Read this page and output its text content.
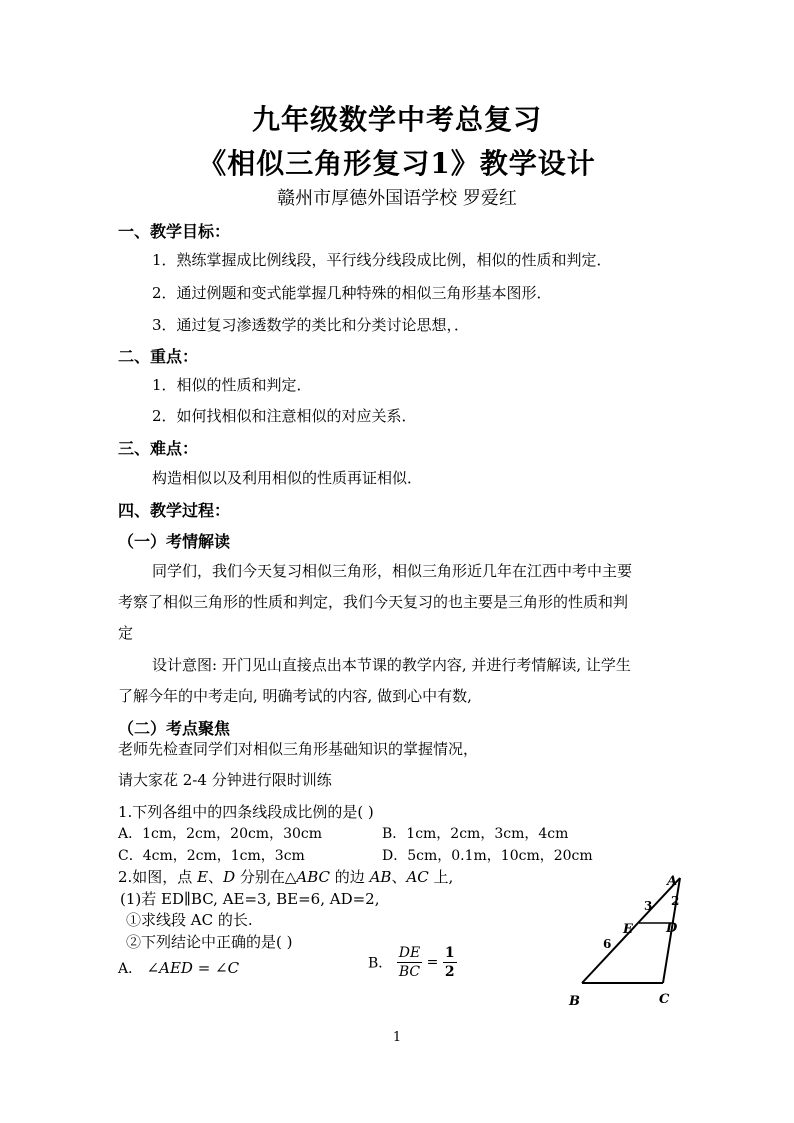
九年级数学中考总复习
《相似三角形复习1》教学设计
赣州市厚德外国语学校 罗爱红
一、教学目标：
1．熟练掌握成比例线段，平行线分线段成比例，相似的性质和判定．
2．通过例题和变式能掌握几种特殊的相似三角形基本图形．
3．通过复习渗透数学的类比和分类讨论思想，．
二、重点：
1．相似的性质和判定．
2．如何找相似和注意相似的对应关系．
三、难点：
构造相似以及利用相似的性质再证相似．
四、教学过程：
（一）考情解读
同学们，我们今天复习相似三角形，相似三角形近几年在江西中考中主要
考察了相似三角形的性质和判定，我们今天复习的也主要是三角形的性质和判
定
设计意图: 开门见山直接点出本节课的教学内容, 并进行考情解读, 让学生
了解今年的中考走向, 明确考试的内容, 做到心中有数,
（二）考点聚焦
老师先检查同学们对相似三角形基础知识的掌握情况，
请大家花 2-4 分钟进行限时训练
1.下列各组中的四条线段成比例的是( )
A．1cm，2cm，20cm，30cm	B．1cm，2cm，3cm，4cm
C．4cm，2cm，1cm，3cm	D．5cm，0.1m，10cm，20cm
2.如图，点 E、D 分别在△ABC 的边 AB、AC 上,
(1)若 ED∥BC, AE=3, BE=6, AD=2,
①求线段 AC 的长.
②下列结论中正确的是( )
A． ∠AED = ∠C	B． $\frac{DE}{BC} = \frac{1}{2}$
A
B	C
E	D
3 2
6
1
